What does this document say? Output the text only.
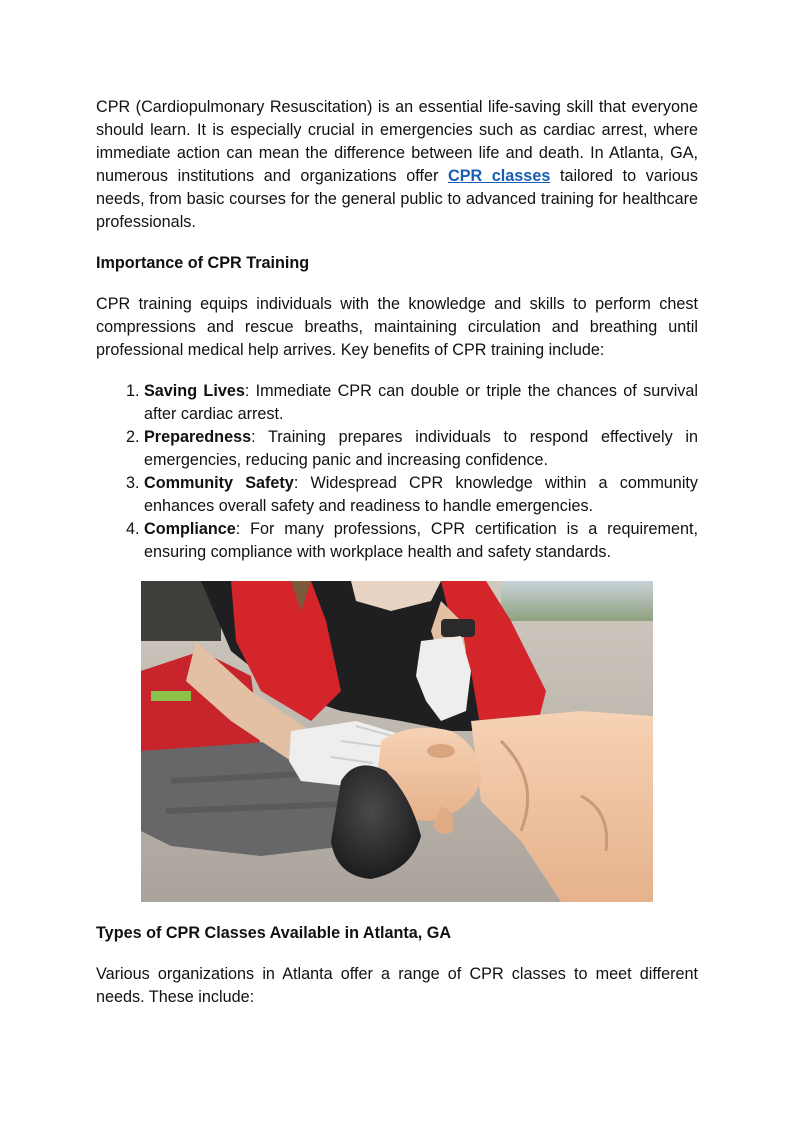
CPR (Cardiopulmonary Resuscitation) is an essential life-saving skill that everyone should learn. It is especially crucial in emergencies such as cardiac arrest, where immediate action can mean the difference between life and death. In Atlanta, GA, numerous institutions and organizations offer CPR classes tailored to various needs, from basic courses for the general public to advanced training for healthcare professionals.

Importance of CPR Training

CPR training equips individuals with the knowledge and skills to perform chest compressions and rescue breaths, maintaining circulation and breathing until professional medical help arrives. Key benefits of CPR training include:

1. Saving Lives: Immediate CPR can double or triple the chances of survival after cardiac arrest.
2. Preparedness: Training prepares individuals to respond effectively in emergencies, reducing panic and increasing confidence.
3. Community Safety: Widespread CPR knowledge within a community enhances overall safety and readiness to handle emergencies.
4. Compliance: For many professions, CPR certification is a requirement, ensuring compliance with workplace health and safety standards.

Types of CPR Classes Available in Atlanta, GA

Various organizations in Atlanta offer a range of CPR classes to meet different needs. These include:
